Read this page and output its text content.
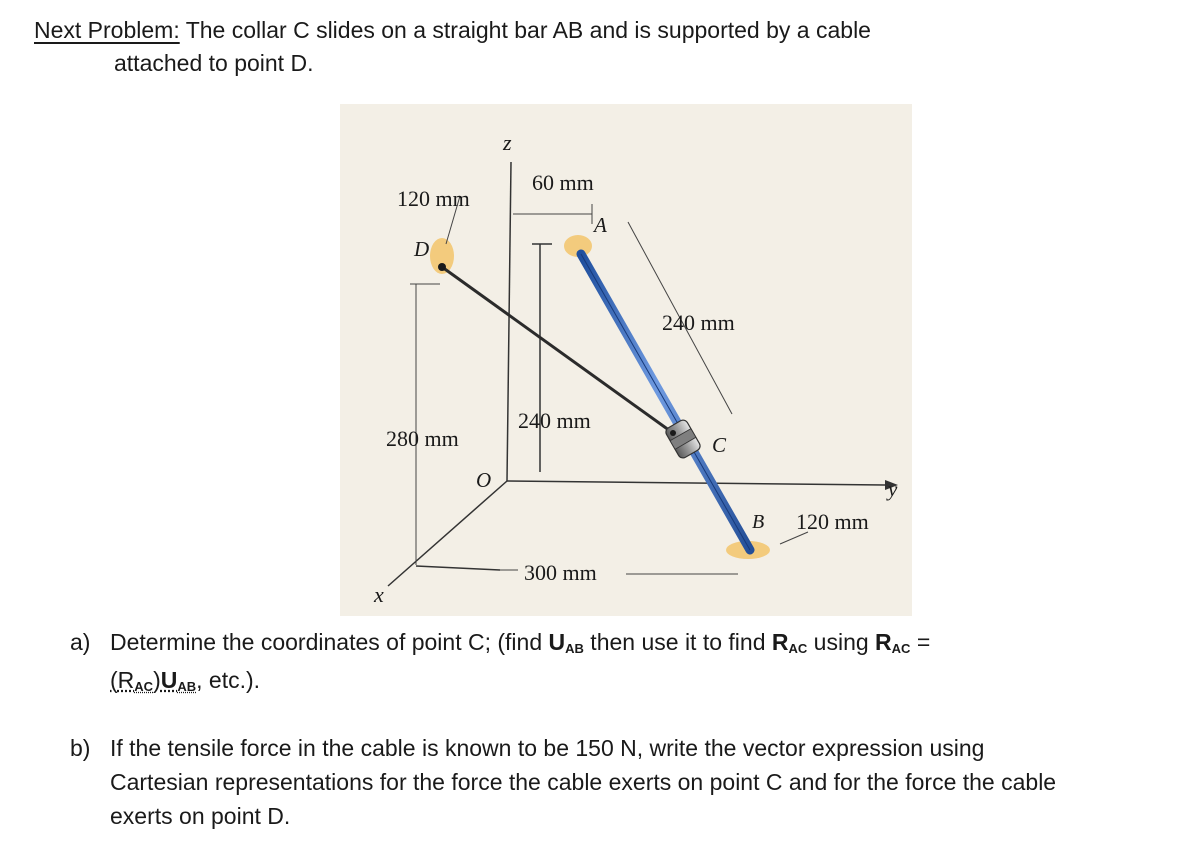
Next Problem: The collar C slides on a straight bar AB and is supported by a cable
attached to point D.
z
x
y
O
A
B
C
D
120 mm
60 mm
240 mm
280 mm
240 mm
120 mm
300 mm
a) Determine the coordinates of point C; (find UAB then use it to find RAC using RAC =
(RAC)UAB, etc.).
b) If the tensile force in the cable is known to be 150 N, write the vector expression using Cartesian representations for the force the cable exerts on point C and for the force the cable exerts on point D.
